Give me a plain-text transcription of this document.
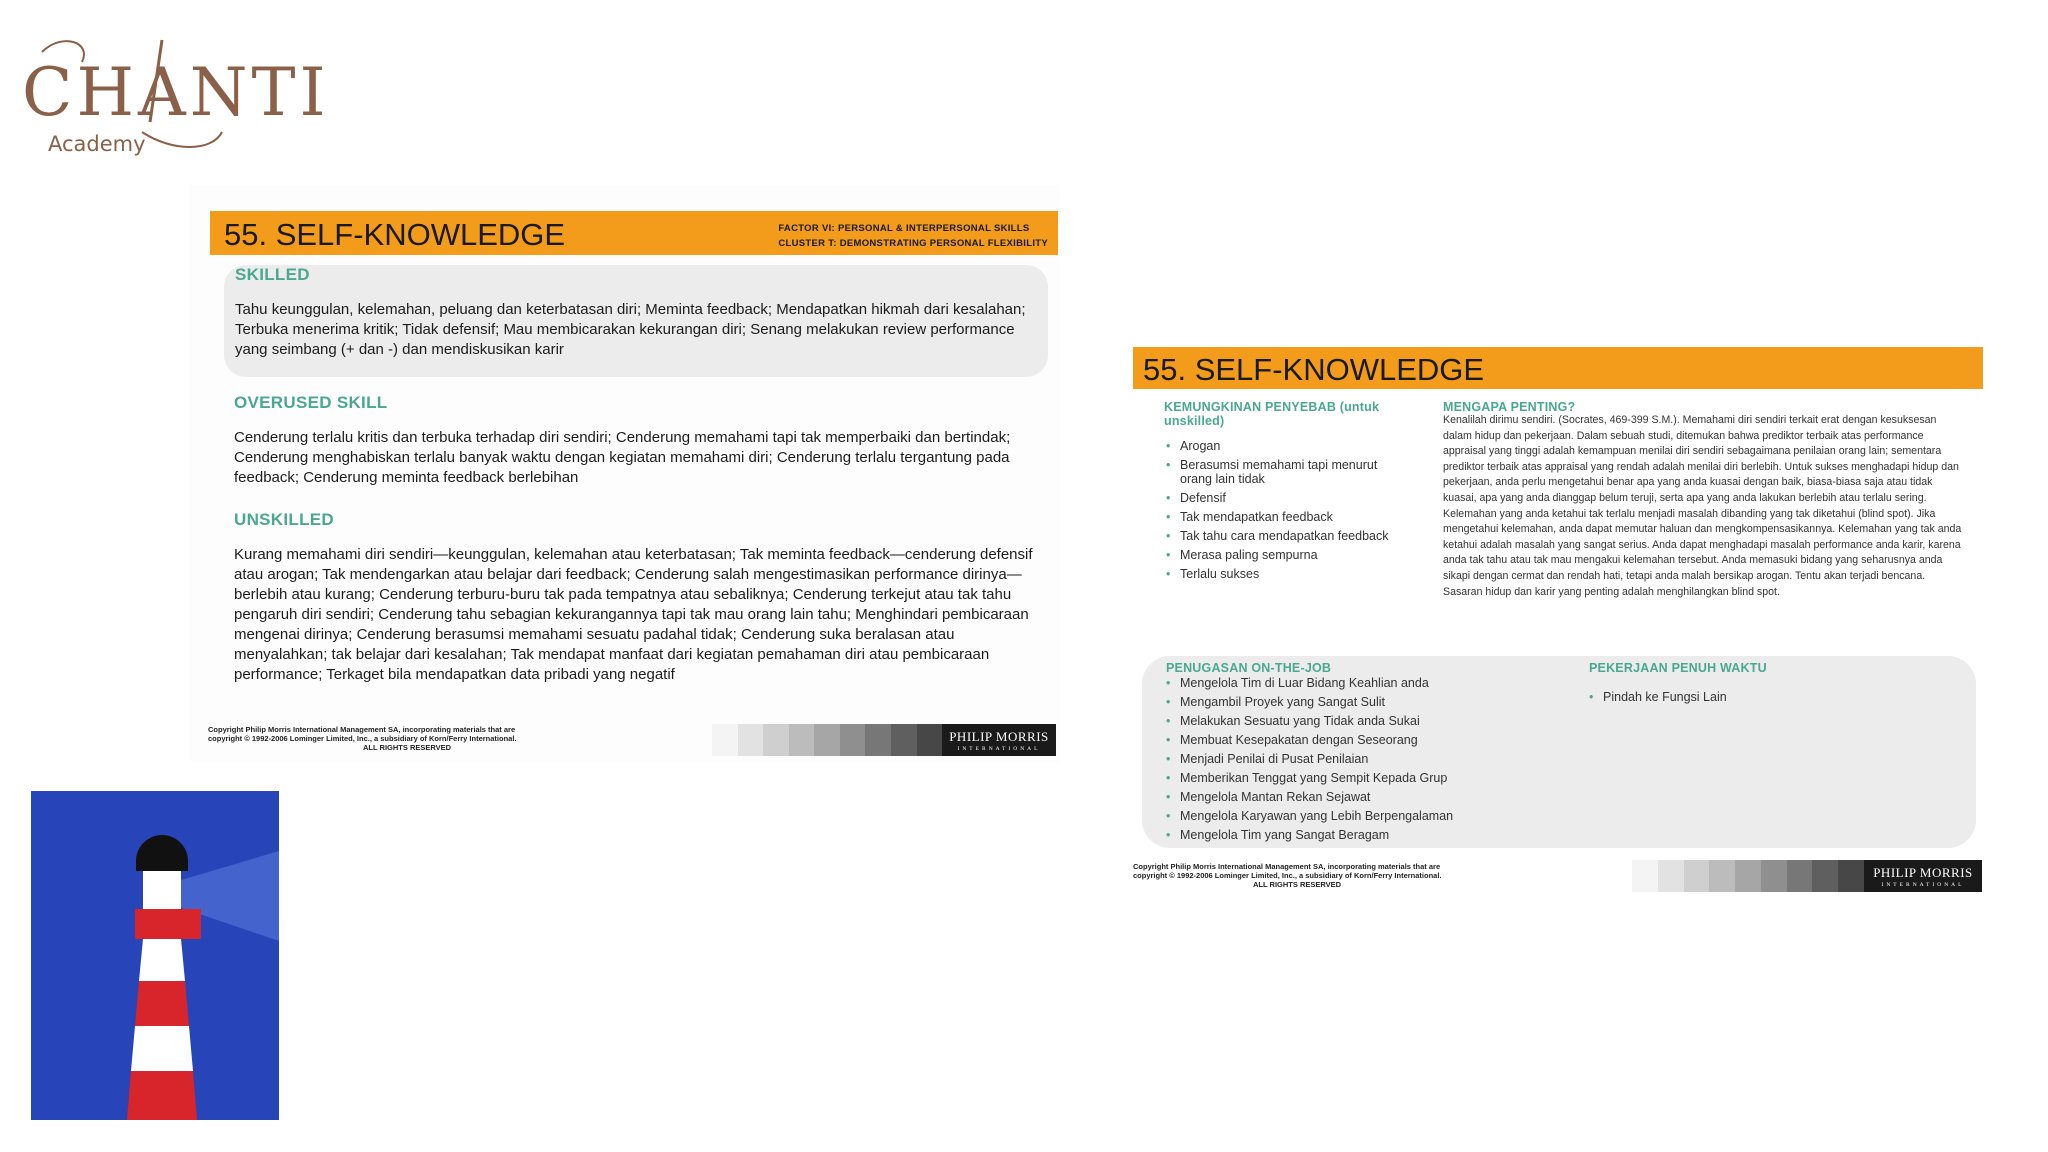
CHANTI
Academy
55. SELF-KNOWLEDGE	FACTOR VI: PERSONAL & INTERPERSONAL SKILLS
CLUSTER T: DEMONSTRATING PERSONAL FLEXIBILITY
SKILLED
Tahu keunggulan, kelemahan, peluang dan keterbatasan diri; Meminta feedback; Mendapatkan hikmah dari kesalahan; Terbuka menerima kritik; Tidak defensif; Mau membicarakan kekurangan diri; Senang melakukan review performance yang seimbang (+ dan -) dan mendiskusikan karir
OVERUSED SKILL
Cenderung terlalu kritis dan terbuka terhadap diri sendiri; Cenderung memahami tapi tak memperbaiki dan bertindak; Cenderung menghabiskan terlalu banyak waktu dengan kegiatan memahami diri; Cenderung terlalu tergantung pada feedback; Cenderung meminta feedback berlebihan
UNSKILLED
Kurang memahami diri sendiri—keunggulan, kelemahan atau keterbatasan; Tak meminta feedback—cenderung defensif atau arogan; Tak mendengarkan atau belajar dari feedback; Cenderung salah mengestimasikan performance dirinya—berlebih atau kurang; Cenderung terburu-buru tak pada tempatnya atau sebaliknya; Cenderung terkejut atau tak tahu pengaruh diri sendiri; Cenderung tahu sebagian kekurangannya tapi tak mau orang lain tahu; Menghindari pembicaraan mengenai dirinya; Cenderung berasumsi memahami sesuatu padahal tidak; Cenderung suka beralasan atau menyalahkan; tak belajar dari kesalahan; Tak mendapat manfaat dari kegiatan pemahaman diri atau pembicaraan performance; Terkaget bila mendapatkan data pribadi yang negatif
Copyright Philip Morris International Management SA, incorporating materials that are
copyright © 1992-2006 Lominger Limited, Inc., a subsidiary of Korn/Ferry International.
ALL RIGHTS RESERVED
PHILIP MORRIS
INTERNATIONAL
55. SELF-KNOWLEDGE
KEMUNGKINAN PENYEBAB (untuk unskilled)
• Arogan
• Berasumsi memahami tapi menurut orang lain tidak
• Defensif
• Tak mendapatkan feedback
• Tak tahu cara mendapatkan feedback
• Merasa paling sempurna
• Terlalu sukses
MENGAPA PENTING?
Kenalilah dirimu sendiri. (Socrates, 469-399 S.M.). Memahami diri sendiri terkait erat dengan kesuksesan dalam hidup dan pekerjaan. Dalam sebuah studi, ditemukan bahwa prediktor terbaik atas performance appraisal yang tinggi adalah kemampuan menilai diri sendiri sebagaimana penilaian orang lain; sementara prediktor terbaik atas appraisal yang rendah adalah menilai diri berlebih. Untuk sukses menghadapi hidup dan pekerjaan, anda perlu mengetahui benar apa yang anda kuasai dengan baik, biasa-biasa saja atau tidak kuasai, apa yang anda dianggap belum teruji, serta apa yang anda lakukan berlebih atau terlalu sering. Kelemahan yang anda ketahui tak terlalu menjadi masalah dibanding yang tak diketahui (blind spot). Jika mengetahui kelemahan, anda dapat memutar haluan dan mengkompensasikannya. Kelemahan yang tak anda ketahui adalah masalah yang sangat serius. Anda dapat menghadapi masalah performance anda karir, karena anda tak tahu atau tak mau mengakui kelemahan tersebut. Anda memasuki bidang yang seharusnya anda sikapi dengan cermat dan rendah hati, tetapi anda malah bersikap arogan. Tentu akan terjadi bencana. Sasaran hidup dan karir yang penting adalah menghilangkan blind spot.
PENUGASAN ON-THE-JOB
• Mengelola Tim di Luar Bidang Keahlian anda
• Mengambil Proyek yang Sangat Sulit
• Melakukan Sesuatu yang Tidak anda Sukai
• Membuat Kesepakatan dengan Seseorang
• Menjadi Penilai di Pusat Penilaian
• Memberikan Tenggat yang Sempit Kepada Grup
• Mengelola Mantan Rekan Sejawat
• Mengelola Karyawan yang Lebih Berpengalaman
• Mengelola Tim yang Sangat Beragam
PEKERJAAN PENUH WAKTU
• Pindah ke Fungsi Lain
Copyright Philip Morris International Management SA, incorporating materials that are
copyright © 1992-2006 Lominger Limited, Inc., a subsidiary of Korn/Ferry International.
ALL RIGHTS RESERVED
PHILIP MORRIS
INTERNATIONAL
